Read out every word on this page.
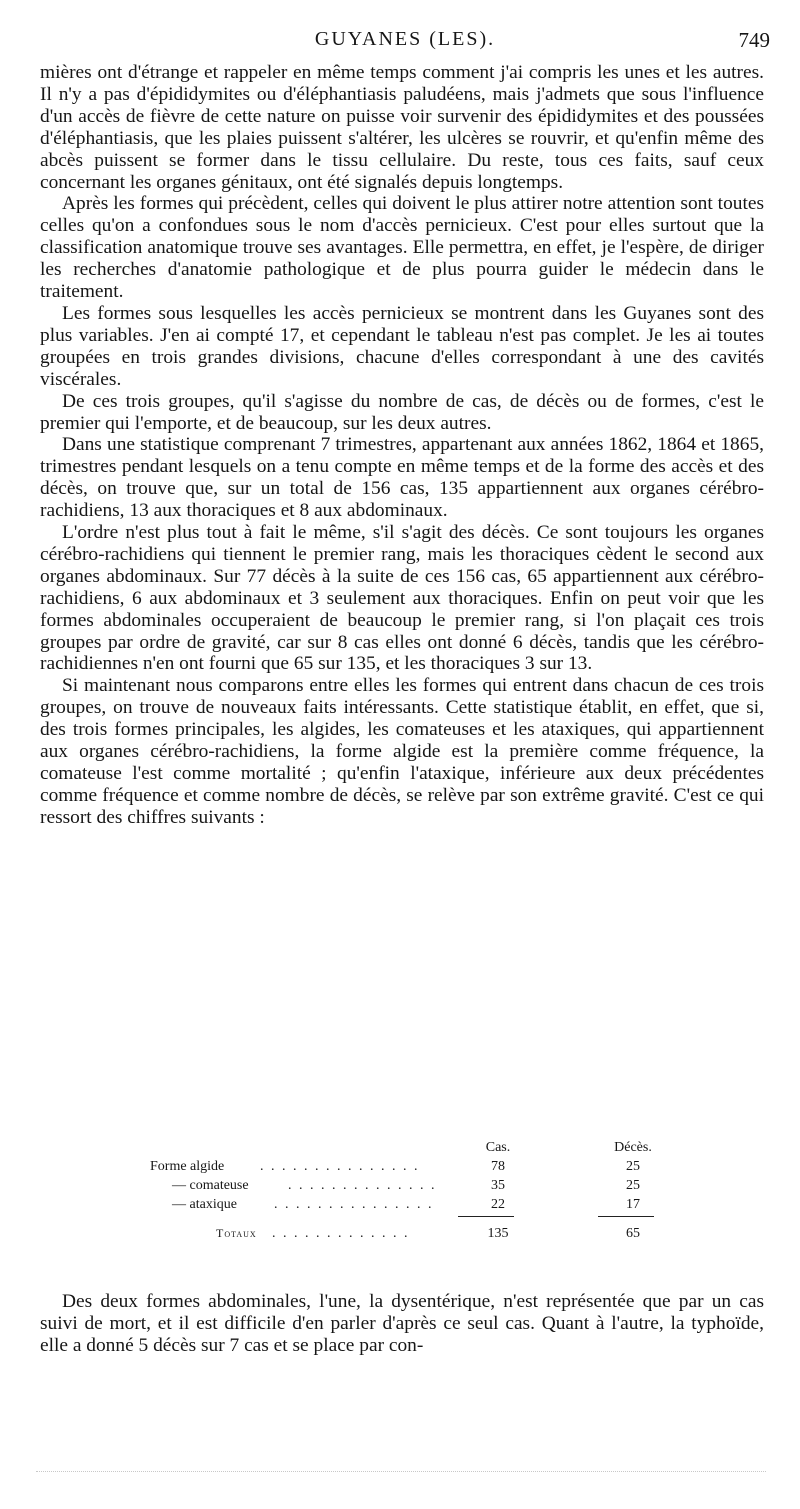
GUYANES (LES).	749

mières ont d'étrange et rappeler en même temps comment j'ai compris les unes et les autres. Il n'y a pas d'épididymites ou d'éléphantiasis paludéens, mais j'admets que sous l'influence d'un accès de fièvre de cette nature on puisse voir survenir des épididymites et des poussées d'éléphantiasis, que les plaies puissent s'altérer, les ulcères se rouvrir, et qu'enfin même des abcès puissent se former dans le tissu cellulaire. Du reste, tous ces faits, sauf ceux concernant les organes génitaux, ont été signalés depuis longtemps.

Après les formes qui précèdent, celles qui doivent le plus attirer notre attention sont toutes celles qu'on a confondues sous le nom d'accès pernicieux. C'est pour elles surtout que la classification anatomique trouve ses avantages. Elle permettra, en effet, je l'espère, de diriger les recherches d'anatomie pathologique et de plus pourra guider le médecin dans le traitement.

Les formes sous lesquelles les accès pernicieux se montrent dans les Guyanes sont des plus variables. J'en ai compté 17, et cependant le tableau n'est pas complet. Je les ai toutes groupées en trois grandes divisions, chacune d'elles correspondant à une des cavités viscérales.

De ces trois groupes, qu'il s'agisse du nombre de cas, de décès ou de formes, c'est le premier qui l'emporte, et de beaucoup, sur les deux autres.

Dans une statistique comprenant 7 trimestres, appartenant aux années 1862, 1864 et 1865, trimestres pendant lesquels on a tenu compte en même temps et de la forme des accès et des décès, on trouve que, sur un total de 156 cas, 135 appartiennent aux organes cérébro-rachidiens, 13 aux thoraciques et 8 aux abdominaux.

L'ordre n'est plus tout à fait le même, s'il s'agit des décès. Ce sont toujours les organes cérébro-rachidiens qui tiennent le premier rang, mais les thoraciques cèdent le second aux organes abdominaux. Sur 77 décès à la suite de ces 156 cas, 65 appartiennent aux cérébro-rachidiens, 6 aux abdominaux et 3 seulement aux thoraciques. Enfin on peut voir que les formes abdominales occuperaient de beaucoup le premier rang, si l'on plaçait ces trois groupes par ordre de gravité, car sur 8 cas elles ont donné 6 décès, tandis que les cérébro-rachidiennes n'en ont fourni que 65 sur 135, et les thoraciques 3 sur 13.

Si maintenant nous comparons entre elles les formes qui entrent dans chacun de ces trois groupes, on trouve de nouveaux faits intéressants. Cette statistique établit, en effet, que si, des trois formes principales, les algides, les comateuses et les ataxiques, qui appartiennent aux organes cérébro-rachidiens, la forme algide est la première comme fréquence, la comateuse l'est comme mortalité ; qu'enfin l'ataxique, inférieure aux deux précédentes comme fréquence et comme nombre de décès, se relève par son extrême gravité. C'est ce qui ressort des chiffres suivants :

Cas.	Décès.
Forme algide	. . . . . . . . . . . . . . .	78	25
— comateuse	. . . . . . . . . . . . . .	35	25
— ataxique	. . . . . . . . . . . . . . .	22	17
Totaux . . . . . . . . . . . . .	135	65

Des deux formes abdominales, l'une, la dysentérique, n'est représentée que par un cas suivi de mort, et il est difficile d'en parler d'après ce seul cas. Quant à l'autre, la typhoïde, elle a donné 5 décès sur 7 cas et se place par con-
